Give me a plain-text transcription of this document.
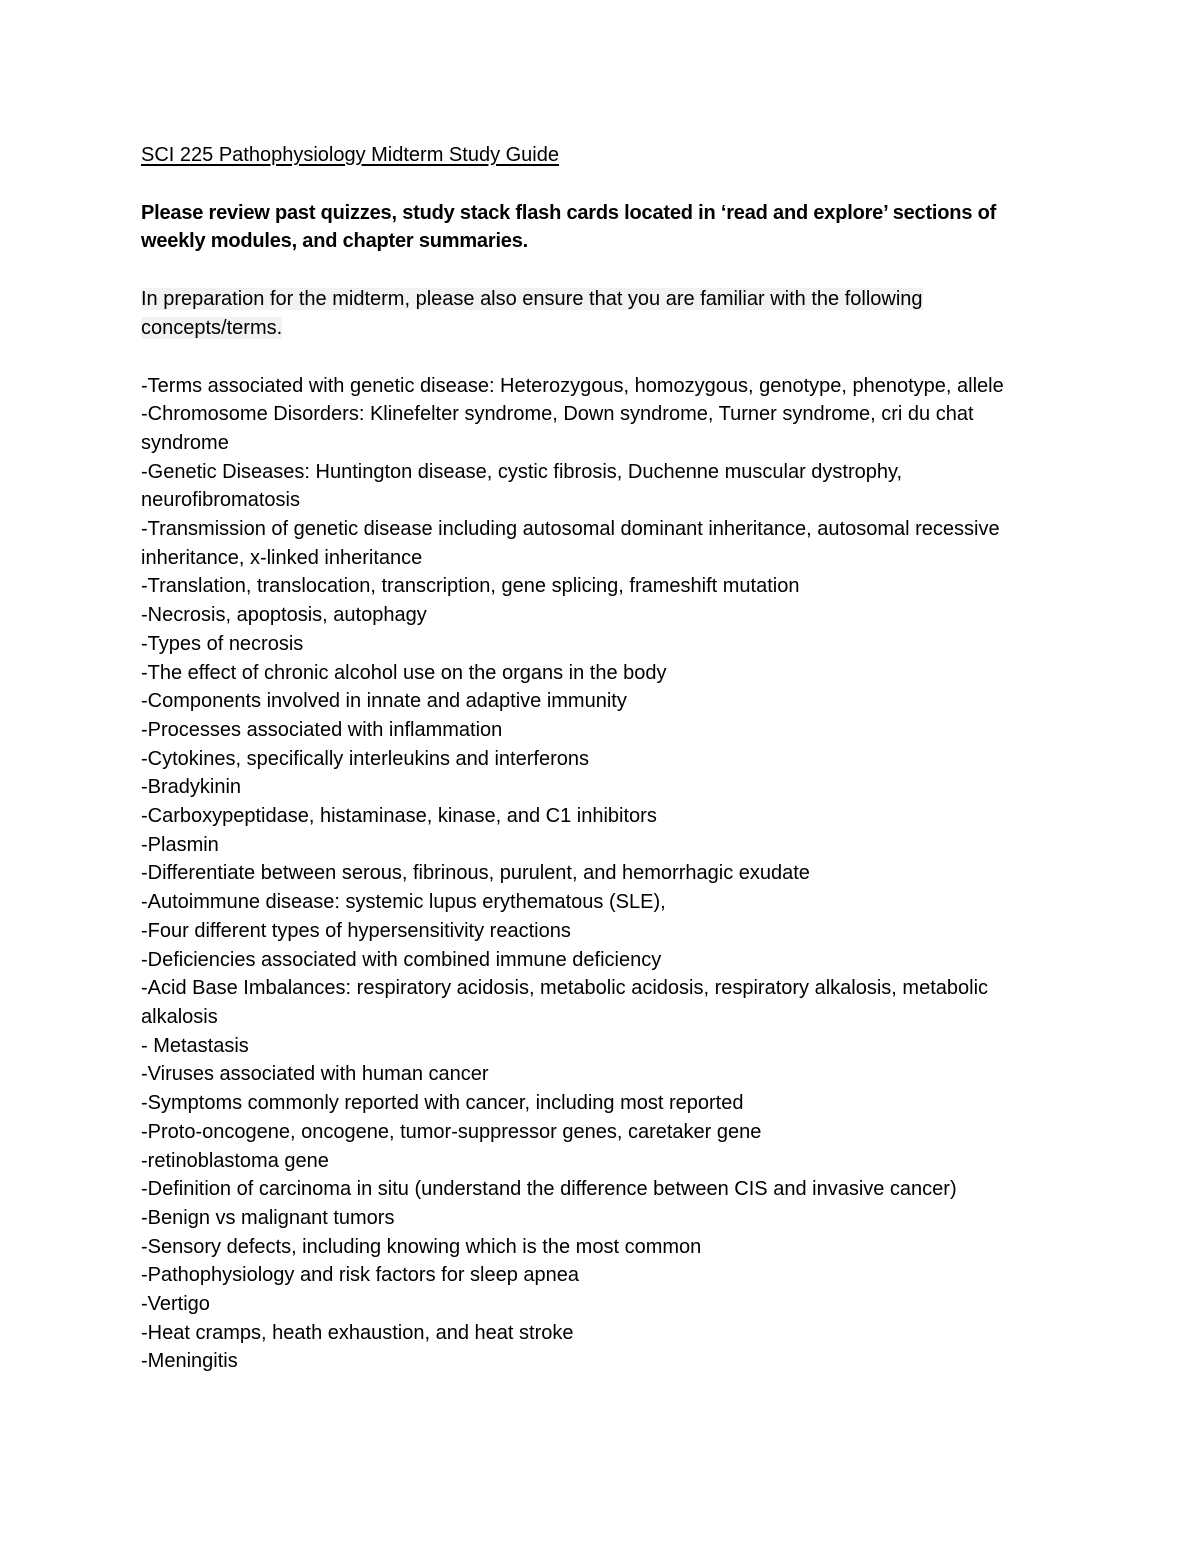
SCI 225 Pathophysiology Midterm Study Guide

Please review past quizzes, study stack flash cards located in ‘read and explore’ sections of weekly modules, and chapter summaries.

In preparation for the midterm, please also ensure that you are familiar with the following concepts/terms.

-Terms associated with genetic disease: Heterozygous, homozygous, genotype, phenotype, allele
-Chromosome Disorders: Klinefelter syndrome, Down syndrome, Turner syndrome, cri du chat syndrome
-Genetic Diseases: Huntington disease, cystic fibrosis, Duchenne muscular dystrophy, neurofibromatosis
-Transmission of genetic disease including autosomal dominant inheritance, autosomal recessive inheritance, x-linked inheritance
-Translation, translocation, transcription, gene splicing, frameshift mutation
-Necrosis, apoptosis, autophagy
-Types of necrosis
-The effect of chronic alcohol use on the organs in the body
-Components involved in innate and adaptive immunity
-Processes associated with inflammation
-Cytokines, specifically interleukins and interferons
-Bradykinin
-Carboxypeptidase, histaminase, kinase, and C1 inhibitors
-Plasmin
-Differentiate between serous, fibrinous, purulent, and hemorrhagic exudate
-Autoimmune disease: systemic lupus erythematous (SLE),
-Four different types of hypersensitivity reactions
-Deficiencies associated with combined immune deficiency
-Acid Base Imbalances: respiratory acidosis, metabolic acidosis, respiratory alkalosis, metabolic alkalosis
- Metastasis
-Viruses associated with human cancer
-Symptoms commonly reported with cancer, including most reported
-Proto-oncogene, oncogene, tumor-suppressor genes, caretaker gene
-retinoblastoma gene
-Definition of carcinoma in situ (understand the difference between CIS and invasive cancer)
-Benign vs malignant tumors
-Sensory defects, including knowing which is the most common
-Pathophysiology and risk factors for sleep apnea
-Vertigo
-Heat cramps, heath exhaustion, and heat stroke
-Meningitis
